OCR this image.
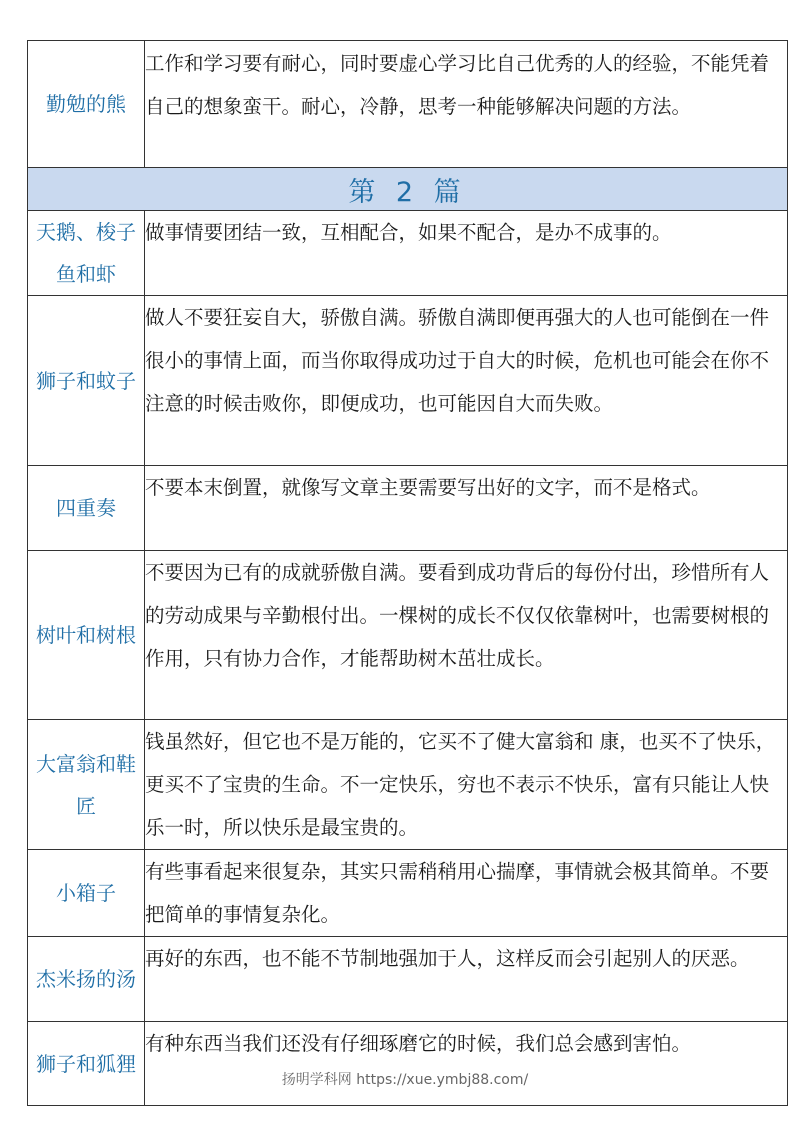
勤勉的熊	工作和学习要有耐心，同时要虚心学习比自己优秀的人的经验，不能凭着自己的想象蛮干。耐心，冷静，思考一种能够解决问题的方法。
第 2 篇	
天鹅、梭子鱼和虾	做事情要团结一致，互相配合，如果不配合，是办不成事的。
狮子和蚊子	做人不要狂妄自大，骄傲自满。骄傲自满即便再强大的人也可能倒在一件很小的事情上面，而当你取得成功过于自大的时候，危机也可能会在你不注意的时候击败你，即便成功，也可能因自大而失败。
四重奏	不要本末倒置，就像写文章主要需要写出好的文字，而不是格式。
树叶和树根	不要因为已有的成就骄傲自满。要看到成功背后的每份付出，珍惜所有人的劳动成果与辛勤根付出。一棵树的成长不仅仅依靠树叶，也需要树根的作用，只有协力合作，才能帮助树木茁壮成长。
大富翁和鞋匠	钱虽然好，但它也不是万能的，它买不了健大富翁和 康，也买不了快乐，更买不了宝贵的生命。不一定快乐，穷也不表示不快乐，富有只能让人快乐一时，所以快乐是最宝贵的。
小箱子	有些事看起来很复杂，其实只需稍稍用心揣摩，事情就会极其简单。不要把简单的事情复杂化。
杰米扬的汤	再好的东西，也不能不节制地强加于人，这样反而会引起别人的厌恶。
狮子和狐狸	有种东西当我们还没有仔细琢磨它的时候，我们总会感到害怕。
扬明学科网 https://xue.ymbj88.com/
